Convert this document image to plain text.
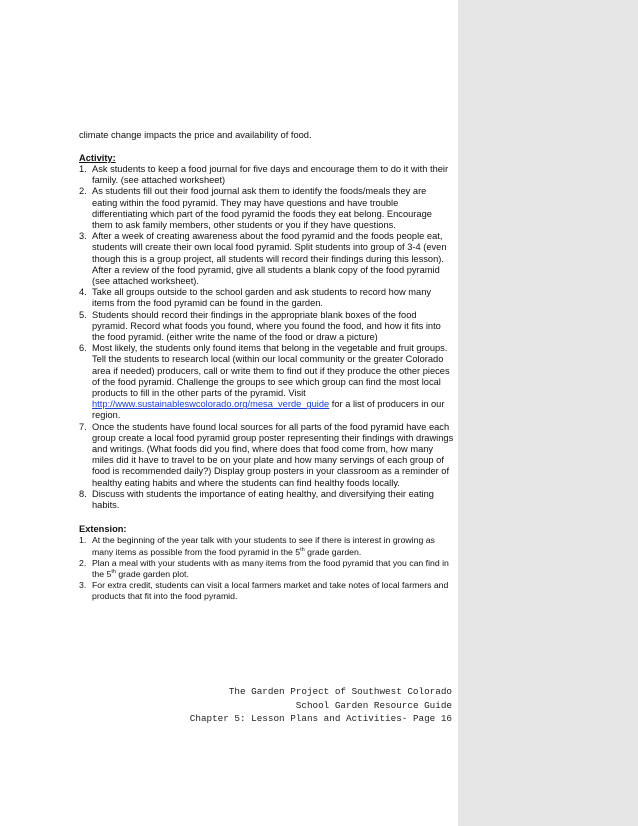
climate change impacts the price and availability of food.

Activity:

1. Ask students to keep a food journal for five days and encourage them to do it with their family. (see attached worksheet)
2. As students fill out their food journal ask them to identify the foods/meals they are eating within the food pyramid. They may have questions and have trouble differentiating which part of the food pyramid the foods they eat belong. Encourage them to ask family members, other students or you if they have questions.
3. After a week of creating awareness about the food pyramid and the foods people eat, students will create their own local food pyramid. Split students into group of 3-4 (even though this is a group project, all students will record their findings during this lesson). After a review of the food pyramid, give all students a blank copy of the food pyramid (see attached worksheet).
4. Take all groups outside to the school garden and ask students to record how many items from the food pyramid can be found in the garden.
5. Students should record their findings in the appropriate blank boxes of the food pyramid. Record what foods you found, where you found the food, and how it fits into the food pyramid. (either write the name of the food or draw a picture)
6. Most likely, the students only found items that belong in the vegetable and fruit groups. Tell the students to research local (within our local community or the greater Colorado area if needed) producers, call or write them to find out if they produce the other pieces of the food pyramid. Challenge the groups to see which group can find the most local products to fill in the other parts of the pyramid. Visit http://www.sustainableswcolorado.org/mesa_verde_guide for a list of producers in our region.
7. Once the students have found local sources for all parts of the food pyramid have each group create a local food pyramid group poster representing their findings with drawings and writings. (What foods did you find, where does that food come from, how many miles did it have to travel to be on your plate and how many servings of each group of food is recommended daily?) Display group posters in your classroom as a reminder of healthy eating habits and where the students can find healthy foods locally.
8. Discuss with students the importance of eating healthy, and diversifying their eating habits.

Extension:

1. At the beginning of the year talk with your students to see if there is interest in growing as many items as possible from the food pyramid in the 5th grade garden.
2. Plan a meal with your students with as many items from the food pyramid that you can find in the 5th grade garden plot.
3. For extra credit, students can visit a local farmers market and take notes of local farmers and products that fit into the food pyramid.
The Garden Project of Southwest Colorado
School Garden Resource Guide
Chapter 5: Lesson Plans and Activities- Page 16
